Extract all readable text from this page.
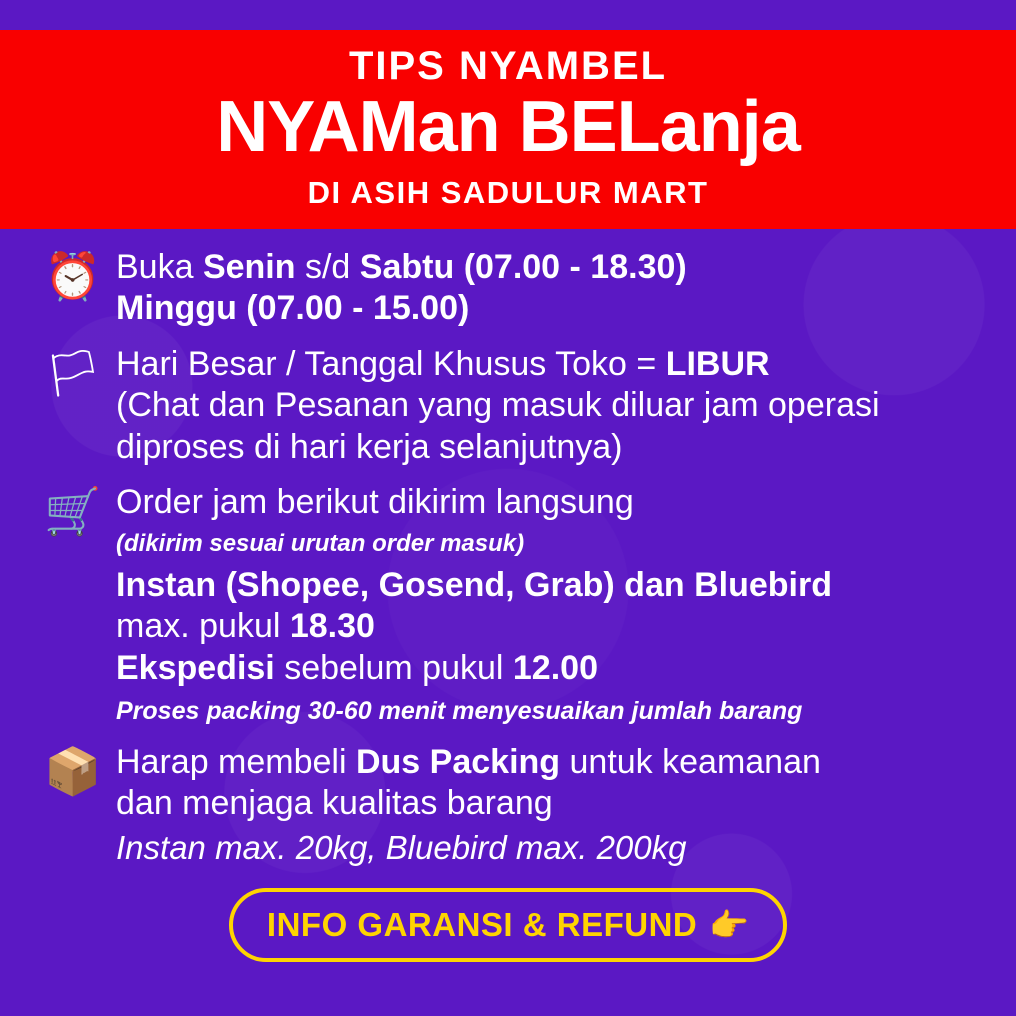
TIPS NYAMBEL
NYAMan BELanja
DI ASIH SADULUR MART
⏰ Buka Senin s/d Sabtu (07.00 - 18.30)
Minggu (07.00 - 15.00)
🏳 Hari Besar / Tanggal Khusus Toko = LIBUR
(Chat dan Pesanan yang masuk diluar jam operasi
diproses di hari kerja selanjutnya)
🛒 Order jam berikut dikirim langsung
(dikirim sesuai urutan order masuk)
Instan (Shopee, Gosend, Grab) dan Bluebird
max. pukul 18.30
Ekspedisi sebelum pukul 12.00
Proses packing 30-60 menit menyesuaikan jumlah barang
📦 Harap membeli Dus Packing untuk keamanan
dan menjaga kualitas barang
Instan max. 20kg, Bluebird max. 200kg
INFO GARANSI & REFUND 👉
